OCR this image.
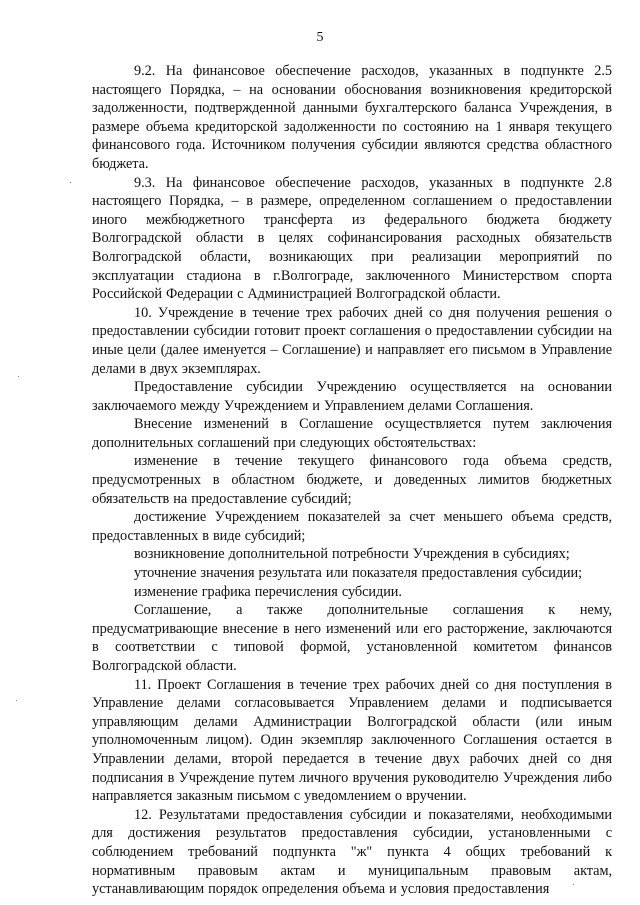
5

9.2. На финансовое обеспечение расходов, указанных в подпункте 2.5 настоящего Порядка, – на основании обоснования возникновения кредиторской задолженности, подтвержденной данными бухгалтерского баланса Учреждения, в размере объема кредиторской задолженности по состоянию на 1 января текущего финансового года. Источником получения субсидии являются средства областного бюджета.

9.3. На финансовое обеспечение расходов, указанных в подпункте 2.8 настоящего Порядка, – в размере, определенном соглашением о предоставлении иного межбюджетного трансферта из федерального бюджета бюджету Волгоградской области в целях софинансирования расходных обязательств Волгоградской области, возникающих при реализации мероприятий по эксплуатации стадиона в г.Волгограде, заключенного Министерством спорта Российской Федерации с Администрацией Волгоградской области.

10. Учреждение в течение трех рабочих дней со дня получения решения о предоставлении субсидии готовит проект соглашения о предоставлении субсидии на иные цели (далее именуется – Соглашение) и направляет его письмом в Управление делами в двух экземплярах.

Предоставление субсидии Учреждению осуществляется на основании заключаемого между Учреждением и Управлением делами Соглашения.

Внесение изменений в Соглашение осуществляется путем заключения дополнительных соглашений при следующих обстоятельствах:

изменение в течение текущего финансового года объема средств, предусмотренных в областном бюджете, и доведенных лимитов бюджетных обязательств на предоставление субсидий;

достижение Учреждением показателей за счет меньшего объема средств, предоставленных в виде субсидий;

возникновение дополнительной потребности Учреждения в субсидиях;

уточнение значения результата или показателя предоставления субсидии;

изменение графика перечисления субсидии.

Соглашение, а также дополнительные соглашения к нему, предусматривающие внесение в него изменений или его расторжение, заключаются в соответствии с типовой формой, установленной комитетом финансов Волгоградской области.

11. Проект Соглашения в течение трех рабочих дней со дня поступления в Управление делами согласовывается Управлением делами и подписывается управляющим делами Администрации Волгоградской области (или иным уполномоченным лицом). Один экземпляр заключенного Соглашения остается в Управлении делами, второй передается в течение двух рабочих дней со дня подписания в Учреждение путем личного вручения руководителю Учреждения либо направляется заказным письмом с уведомлением о вручении.

12. Результатами предоставления субсидии и показателями, необходимыми для достижения результатов предоставления субсидии, установленными с соблюдением требований подпункта "ж" пункта 4 общих требований к нормативным правовым актам и муниципальным правовым актам, устанавливающим порядок определения объема и условия предоставления
